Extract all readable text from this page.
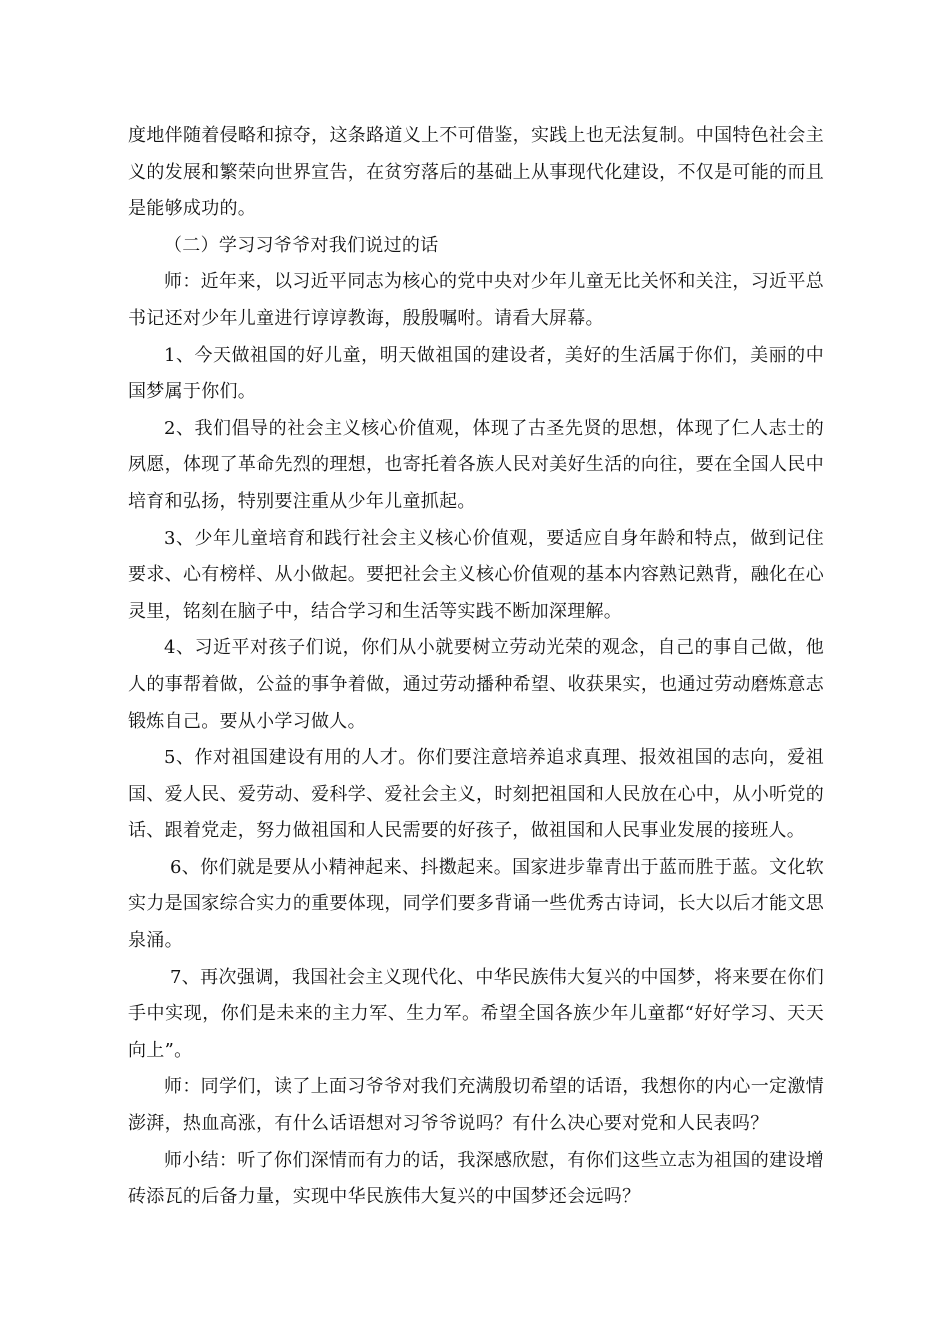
度地伴随着侵略和掠夺，这条路道义上不可借鉴，实践上也无法复制。中国特色社会主义的发展和繁荣向世界宣告，在贫穷落后的基础上从事现代化建设，不仅是可能的而且是能够成功的。

（二）学习习爷爷对我们说过的话

师：近年来，以习近平同志为核心的党中央对少年儿童无比关怀和关注，习近平总书记还对少年儿童进行谆谆教诲，殷殷嘱咐。请看大屏幕。

1、今天做祖国的好儿童，明天做祖国的建设者，美好的生活属于你们，美丽的中国梦属于你们。

2、我们倡导的社会主义核心价值观，体现了古圣先贤的思想，体现了仁人志士的夙愿，体现了革命先烈的理想，也寄托着各族人民对美好生活的向往，要在全国人民中培育和弘扬，特别要注重从少年儿童抓起。

3、少年儿童培育和践行社会主义核心价值观，要适应自身年龄和特点，做到记住要求、心有榜样、从小做起。要把社会主义核心价值观的基本内容熟记熟背，融化在心灵里，铭刻在脑子中，结合学习和生活等实践不断加深理解。

4、习近平对孩子们说，你们从小就要树立劳动光荣的观念，自己的事自己做，他人的事帮着做，公益的事争着做，通过劳动播种希望、收获果实，也通过劳动磨炼意志锻炼自己。要从小学习做人。

5、作对祖国建设有用的人才。你们要注意培养追求真理、报效祖国的志向，爱祖国、爱人民、爱劳动、爱科学、爱社会主义，时刻把祖国和人民放在心中，从小听党的话、跟着党走，努力做祖国和人民需要的好孩子，做祖国和人民事业发展的接班人。

6、你们就是要从小精神起来、抖擞起来。国家进步靠青出于蓝而胜于蓝。文化软实力是国家综合实力的重要体现，同学们要多背诵一些优秀古诗词，长大以后才能文思泉涌。

7、再次强调，我国社会主义现代化、中华民族伟大复兴的中国梦，将来要在你们手中实现，你们是未来的主力军、生力军。希望全国各族少年儿童都“好好学习、天天向上”。

师：同学们，读了上面习爷爷对我们充满殷切希望的话语，我想你的内心一定激情澎湃，热血高涨，有什么话语想对习爷爷说吗？有什么决心要对党和人民表吗？

师小结：听了你们深情而有力的话，我深感欣慰，有你们这些立志为祖国的建设增砖添瓦的后备力量，实现中华民族伟大复兴的中国梦还会远吗？
